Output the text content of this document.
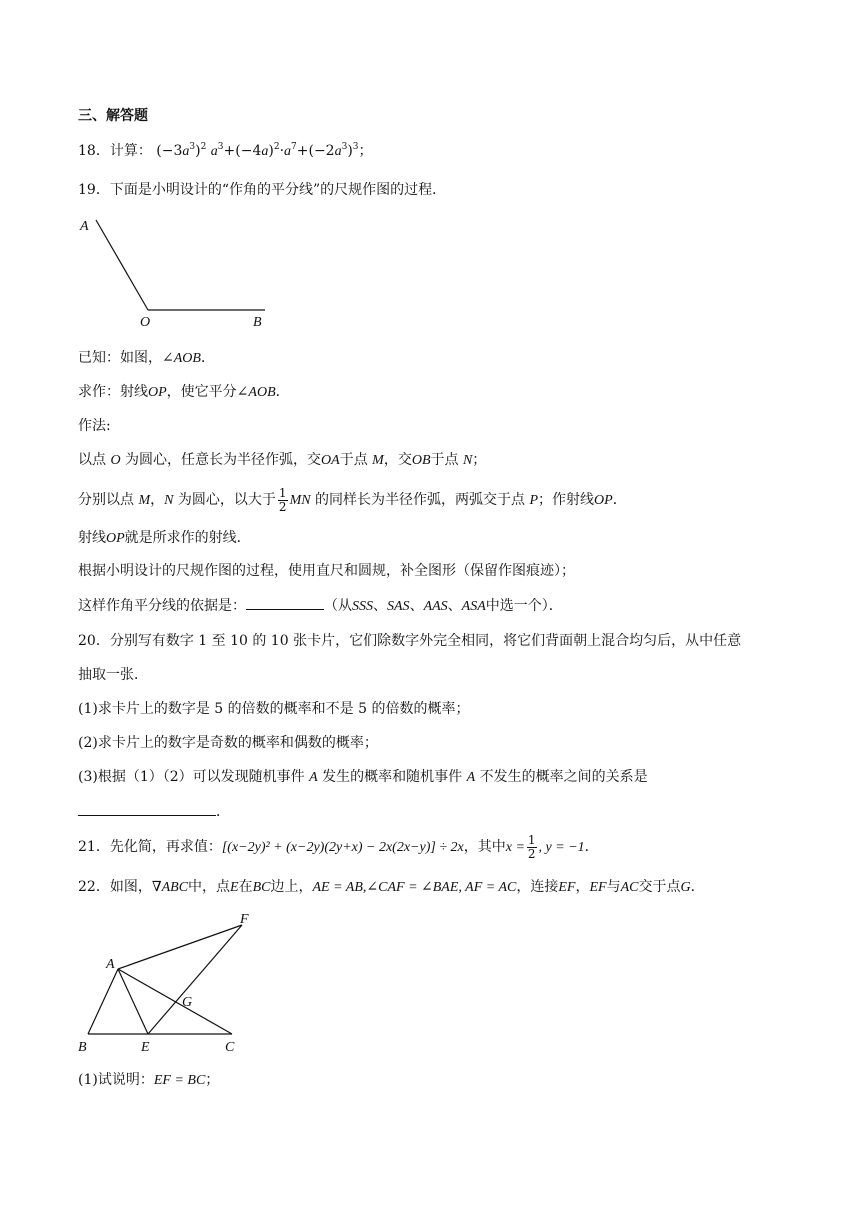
三、解答题
18．计算： $(-3a^3)^2$ $a^3+(-4a)^2\cdot a^7+(-2a^3)^3$；
19．下面是小明设计的“作角的平分线”的尺规作图的过程．
A
O	B
已知：如图，∠AOB．
求作：射线OP，使它平分∠AOB．
作法:
以点 O 为圆心，任意长为半径作弧，交OA于点 M，交OB于点 N；
分别以点 M，N 为圆心，以大于 $\frac{1}{2}$ MN 的同样长为半径作弧，两弧交于点 P；作射线OP．
射线OP就是所求作的射线．
根据小明设计的尺规作图的过程，使用直尺和圆规，补全图形（保留作图痕迹）；
这样作角平分线的依据是：	（从SSS、SAS、AAS、ASA中选一个）．
20．分别写有数字 1 至 10 的 10 张卡片，它们除数字外完全相同，将它们背面朝上混合均匀后，从中任意
抽取一张．
(1)求卡片上的数字是 5 的倍数的概率和不是 5 的倍数的概率；
(2)求卡片上的数字是奇数的概率和偶数的概率；
(3)根据（1）（2）可以发现随机事件 A 发生的概率和随机事件 A 不发生的概率之间的关系是
．
21．先化简，再求值：[(x−2y)² + (x−2y)(2y+x) − 2x(2x−y)] ÷ 2x，其中$x = \frac{1}{2}$ , y = −1．
22．如图，∇ABC中，点E在BC边上，AE = AB,∠CAF = ∠BAE, AF = AC，连接EF，EF与AC交于点G．
F
A
G
B	E	C
(1)试说明：EF = BC；
